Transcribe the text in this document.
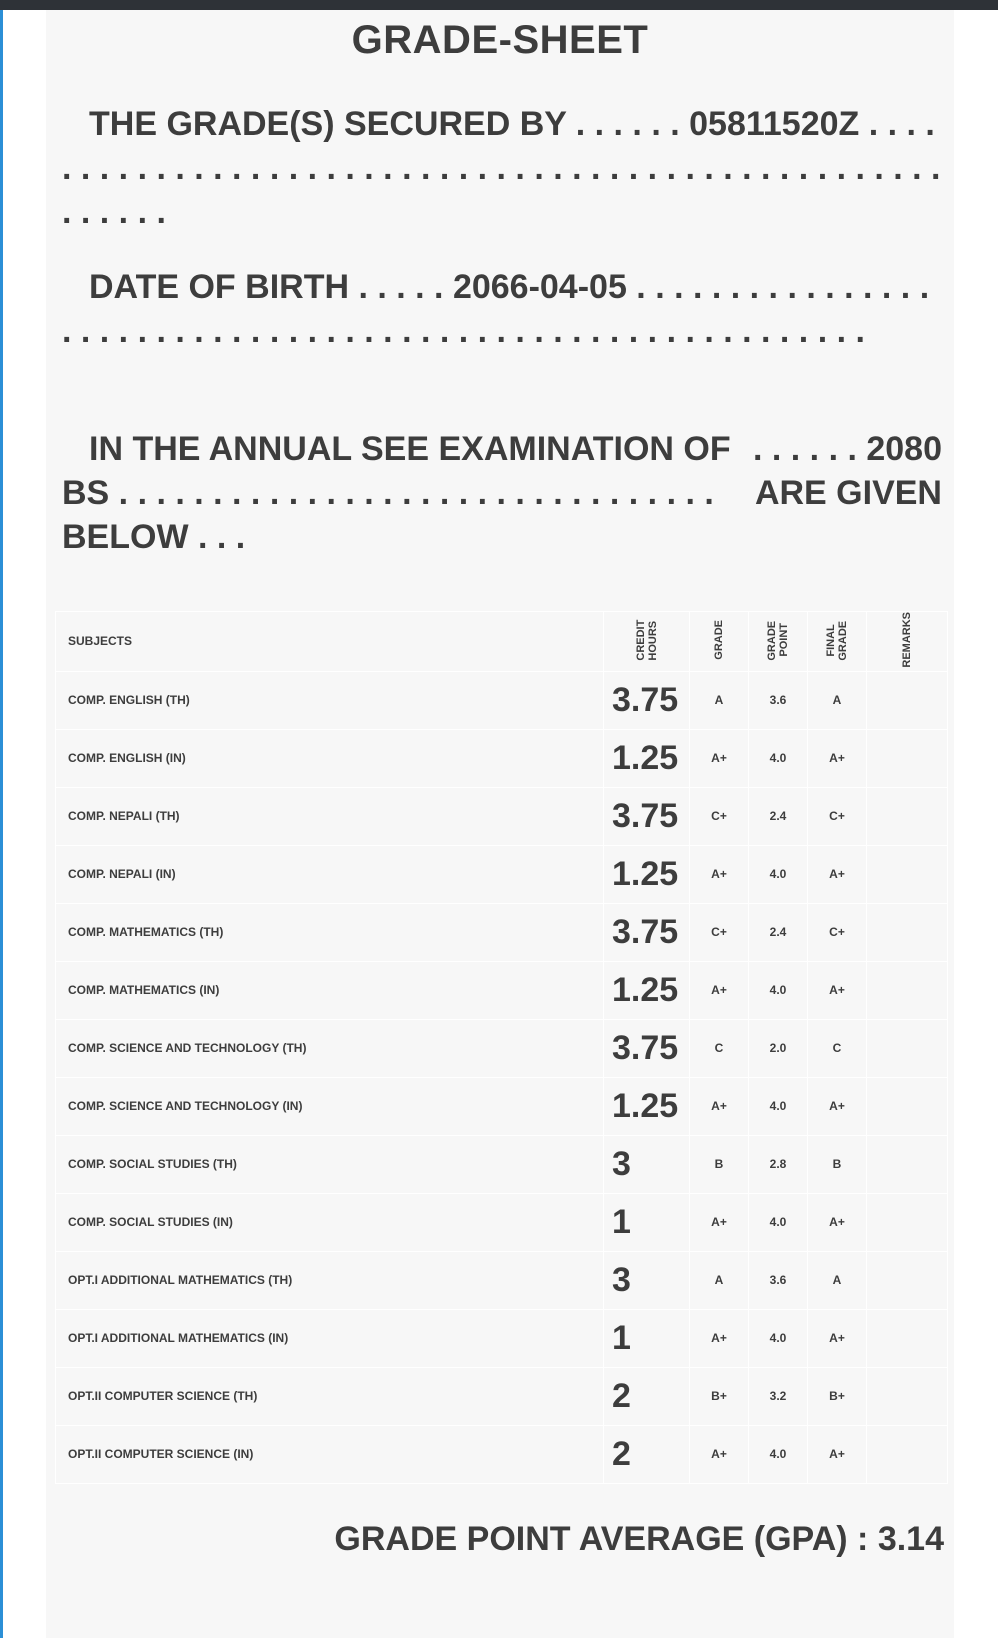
GRADE-SHEET
THE GRADE(S) SECURED BY . . . . . . 05811520Z . . . . . . . . . . . . . . . . . . . . . . . . . . . . . . . . . . . . . . . . . . . . . . . . . . . . . . . . .
DATE OF BIRTH . . . . . 2066-04-05 . . . . . . . . . . . . . . . . . . . . . . . . . . . . . . . . . . . . . . . . . . . . . . . . . . . . . . . . . . .
IN THE ANNUAL SEE EXAMINATION OF . . . . . . 2080
BS . . . . . . . . . . . . . . . . . . . . . . . . . . . . . . . . ARE GIVEN
BELOW . . .
SUBJECTS	CREDIT HOURS	GRADE	GRADE POINT	FINAL GRADE	REMARKS
COMP. ENGLISH (TH)	3.75	A	3.6	A	
COMP. ENGLISH (IN)	1.25	A+	4.0	A+	
COMP. NEPALI (TH)	3.75	C+	2.4	C+	
COMP. NEPALI (IN)	1.25	A+	4.0	A+	
COMP. MATHEMATICS (TH)	3.75	C+	2.4	C+	
COMP. MATHEMATICS (IN)	1.25	A+	4.0	A+	
COMP. SCIENCE AND TECHNOLOGY (TH)	3.75	C	2.0	C	
COMP. SCIENCE AND TECHNOLOGY (IN)	1.25	A+	4.0	A+	
COMP. SOCIAL STUDIES (TH)	3	B	2.8	B	
COMP. SOCIAL STUDIES (IN)	1	A+	4.0	A+	
OPT.I ADDITIONAL MATHEMATICS (TH)	3	A	3.6	A	
OPT.I ADDITIONAL MATHEMATICS (IN)	1	A+	4.0	A+	
OPT.II COMPUTER SCIENCE (TH)	2	B+	3.2	B+	
OPT.II COMPUTER SCIENCE (IN)	2	A+	4.0	A+	
GRADE POINT AVERAGE (GPA) : 3.14
